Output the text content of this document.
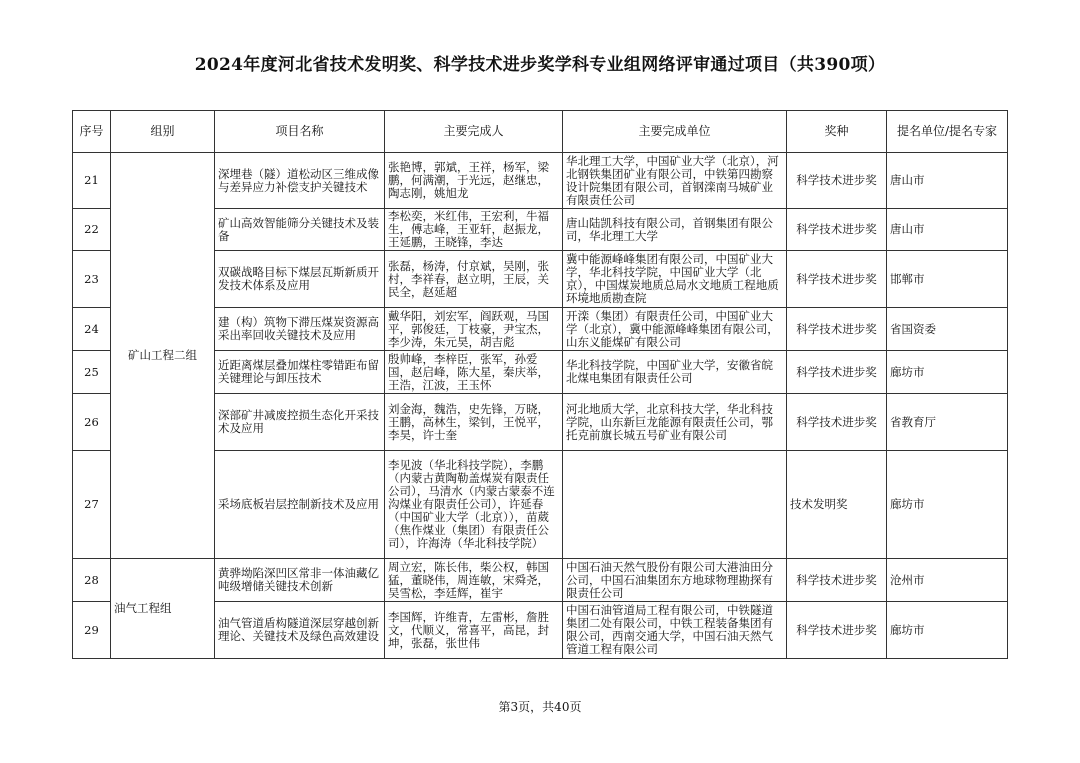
2024年度河北省技术发明奖、科学技术进步奖学科专业组网络评审通过项目（共390项）
序号	组别	项目名称	主要完成人	主要完成单位	奖种	提名单位/提名专家
21	矿山工程二组	深埋巷（隧）道松动区三维成像与差异应力补偿支护关键技术	张艳博，郭斌，王祥，杨军，梁鹏，何满潮，于光远，赵继忠，陶志刚，姚旭龙	华北理工大学，中国矿业大学（北京），河北钢铁集团矿业有限公司，中铁第四勘察设计院集团有限公司，首钢滦南马城矿业有限责任公司	科学技术进步奖	唐山市
22		矿山高效智能筛分关键技术及装备	李松奕，米红伟，王宏利，牛福生，傅志峰，王亚轩，赵振龙，王延鹏，王晓锋，李达	唐山陆凯科技有限公司，首钢集团有限公司，华北理工大学	科学技术进步奖	唐山市
23		双碳战略目标下煤层瓦斯新质开发技术体系及应用	张磊，杨涛，付京斌，吴刚，张村，李祥春，赵立明，王辰，关民全，赵延超	冀中能源峰峰集团有限公司，中国矿业大学，华北科技学院，中国矿业大学（北京），中国煤炭地质总局水文地质工程地质环境地质勘查院	科学技术进步奖	邯郸市
24		建（构）筑物下滞压煤炭资源高采出率回收关键技术及应用	戴华阳，刘宏军，阎跃观，马国平，郭俊廷，丁枝豪，尹宝杰，李少涛，朱元昊，胡吉彪	开滦（集团）有限责任公司，中国矿业大学（北京），冀中能源峰峰集团有限公司，山东义能煤矿有限公司	科学技术进步奖	省国资委
25		近距离煤层叠加煤柱零错距布留关键理论与卸压技术	殷帅峰，李梓臣，张军，孙爱国，赵启峰，陈大星，秦庆举，王浩，江波，王玉怀	华北科技学院，中国矿业大学，安徽省皖北煤电集团有限责任公司	科学技术进步奖	廊坊市
26		深部矿井减废控损生态化开采技术及应用	刘金海，魏浩，史先锋，万晓，王鹏，高林生，梁钊，王悦平，李昊，许士奎	河北地质大学，北京科技大学，华北科技学院，山东新巨龙能源有限责任公司，鄂托克前旗长城五号矿业有限公司	科学技术进步奖	省教育厅
27		采场底板岩层控制新技术及应用	李见波（华北科技学院），李鹏（内蒙古黄陶勒盖煤炭有限责任公司），马清水（内蒙古蒙泰不连沟煤业有限责任公司），许延春（中国矿业大学（北京）），苗葳（焦作煤业（集团）有限责任公司），许海涛（华北科技学院）		技术发明奖	廊坊市
28	油气工程组	黄骅坳陷深凹区常非一体油藏亿吨级增储关键技术创新	周立宏，陈长伟，柴公权，韩国猛，董晓伟，周连敏，宋舜尧，吴雪松，李廷辉，崔宇	中国石油天然气股份有限公司大港油田分公司，中国石油集团东方地球物理勘探有限责任公司	科学技术进步奖	沧州市
29		油气管道盾构隧道深层穿越创新理论、关键技术及绿色高效建设	李国辉，许维青，左雷彬，詹胜文，代顺义，常喜平，高昆，封坤，张磊，张世伟	中国石油管道局工程有限公司，中铁隧道集团二处有限公司，中铁工程装备集团有限公司，西南交通大学，中国石油天然气管道工程有限公司	科学技术进步奖	廊坊市
第3页，共40页
